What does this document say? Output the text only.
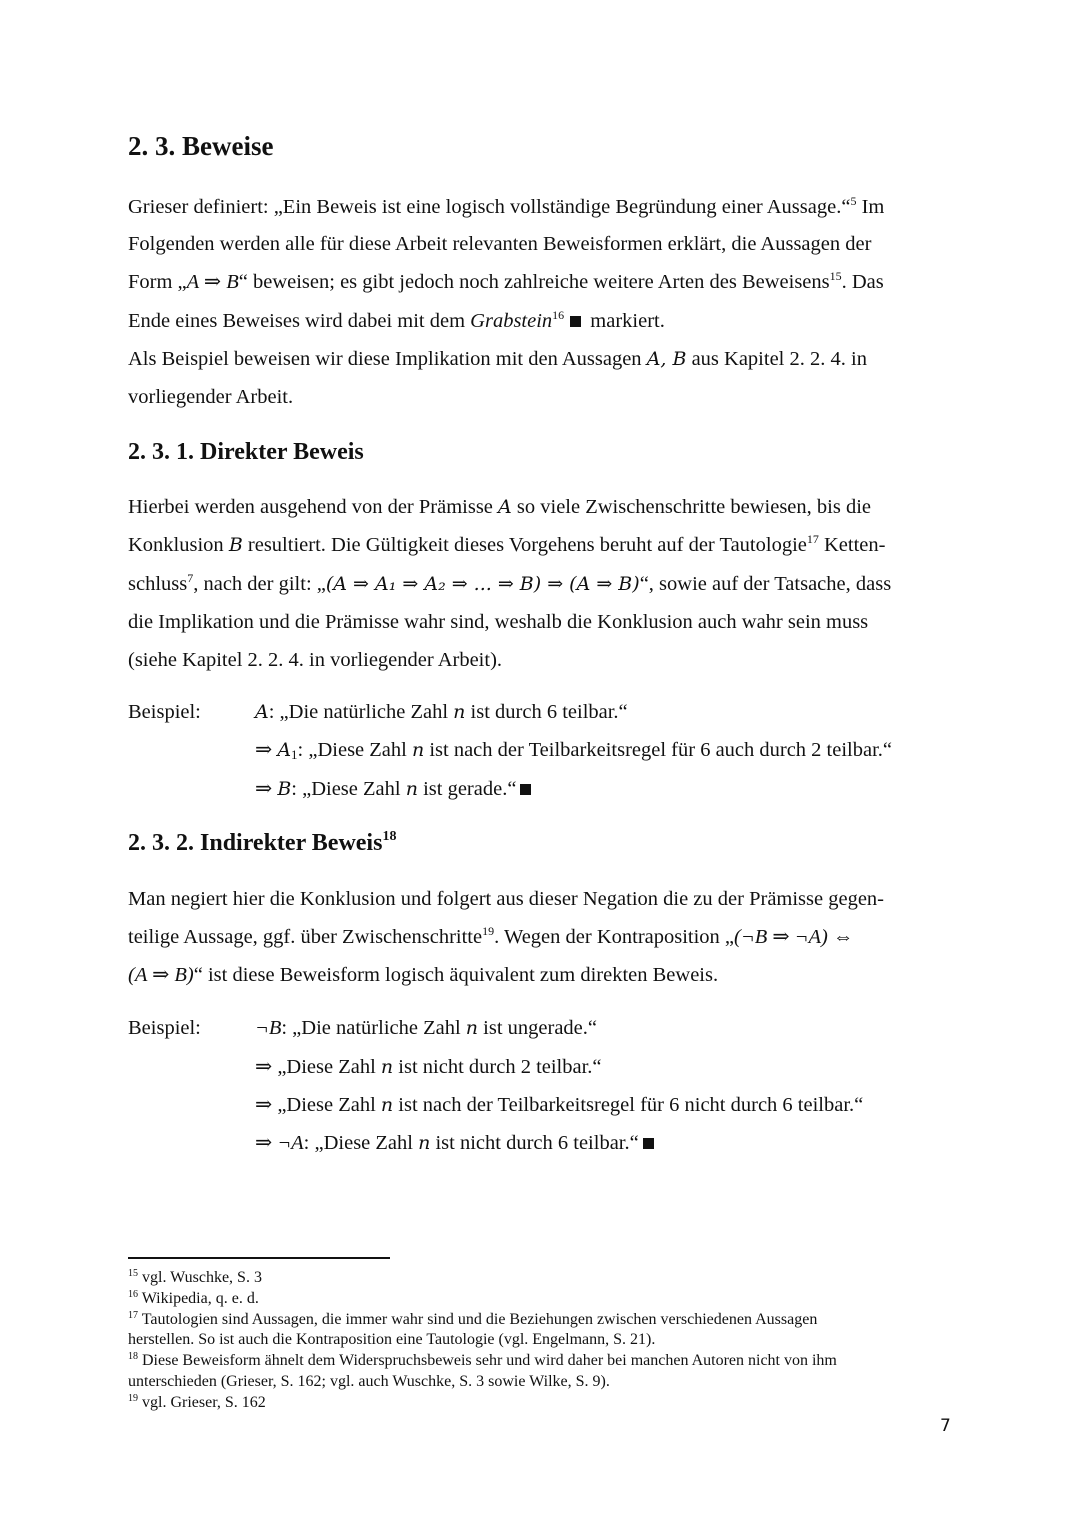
2. 3. Beweise
Grieser definiert: „Ein Beweis ist eine logisch vollständige Begründung einer Aussage.“$^5$ Im
Folgenden werden alle für diese Arbeit relevanten Beweisformen erklärt, die Aussagen der
Form „A ⇒ B“ beweisen; es gibt jedoch noch zahlreiche weitere Arten des Beweisens$^{15}$. Das
Ende eines Beweises wird dabei mit dem Grabstein$^{16}$ markiert.
Als Beispiel beweisen wir diese Implikation mit den Aussagen A, B aus Kapitel 2. 2. 4. in
vorliegender Arbeit.
2. 3. 1. Direkter Beweis
Hierbei werden ausgehend von der Prämisse A so viele Zwischenschritte bewiesen, bis die
Konklusion B resultiert. Die Gültigkeit dieses Vorgehens beruht auf der Tautologie$^{17}$ Ketten-
schluss$^7$, nach der gilt: „(A ⇒ A₁ ⇒ A₂ ⇒ ... ⇒ B) ⇒ (A ⇒ B)“, sowie auf der Tatsache, dass
die Implikation und die Prämisse wahr sind, weshalb die Konklusion auch wahr sein muss
(siehe Kapitel 2. 2. 4. in vorliegender Arbeit).
Beispiel:	A: „Die natürliche Zahl n ist durch 6 teilbar.“
⇒ $A_1$: „Diese Zahl n ist nach der Teilbarkeitsregel für 6 auch durch 2 teilbar.“
⇒ B: „Diese Zahl n ist gerade.“
2. 3. 2. Indirekter Beweis$^{18}$
Man negiert hier die Konklusion und folgert aus dieser Negation die zu der Prämisse gegen-
teilige Aussage, ggf. über Zwischenschritte$^{19}$. Wegen der Kontraposition „(¬B ⇒ ¬A) ⇔
(A ⇒ B)“ ist diese Beweisform logisch äquivalent zum direkten Beweis.
Beispiel:	¬B: „Die natürliche Zahl n ist ungerade.“
⇒ „Diese Zahl n ist nicht durch 2 teilbar.“
⇒ „Diese Zahl n ist nach der Teilbarkeitsregel für 6 nicht durch 6 teilbar.“
⇒ ¬A: „Diese Zahl n ist nicht durch 6 teilbar.“
$^{15}$ vgl. Wuschke, S. 3
$^{16}$ Wikipedia, q. e. d.
$^{17}$ Tautologien sind Aussagen, die immer wahr sind und die Beziehungen zwischen verschiedenen Aussagen
herstellen. So ist auch die Kontraposition eine Tautologie (vgl. Engelmann, S. 21).
$^{18}$ Diese Beweisform ähnelt dem Widerspruchsbeweis sehr und wird daher bei manchen Autoren nicht von ihm
unterschieden (Grieser, S. 162; vgl. auch Wuschke, S. 3 sowie Wilke, S. 9).
$^{19}$ vgl. Grieser, S. 162
7
